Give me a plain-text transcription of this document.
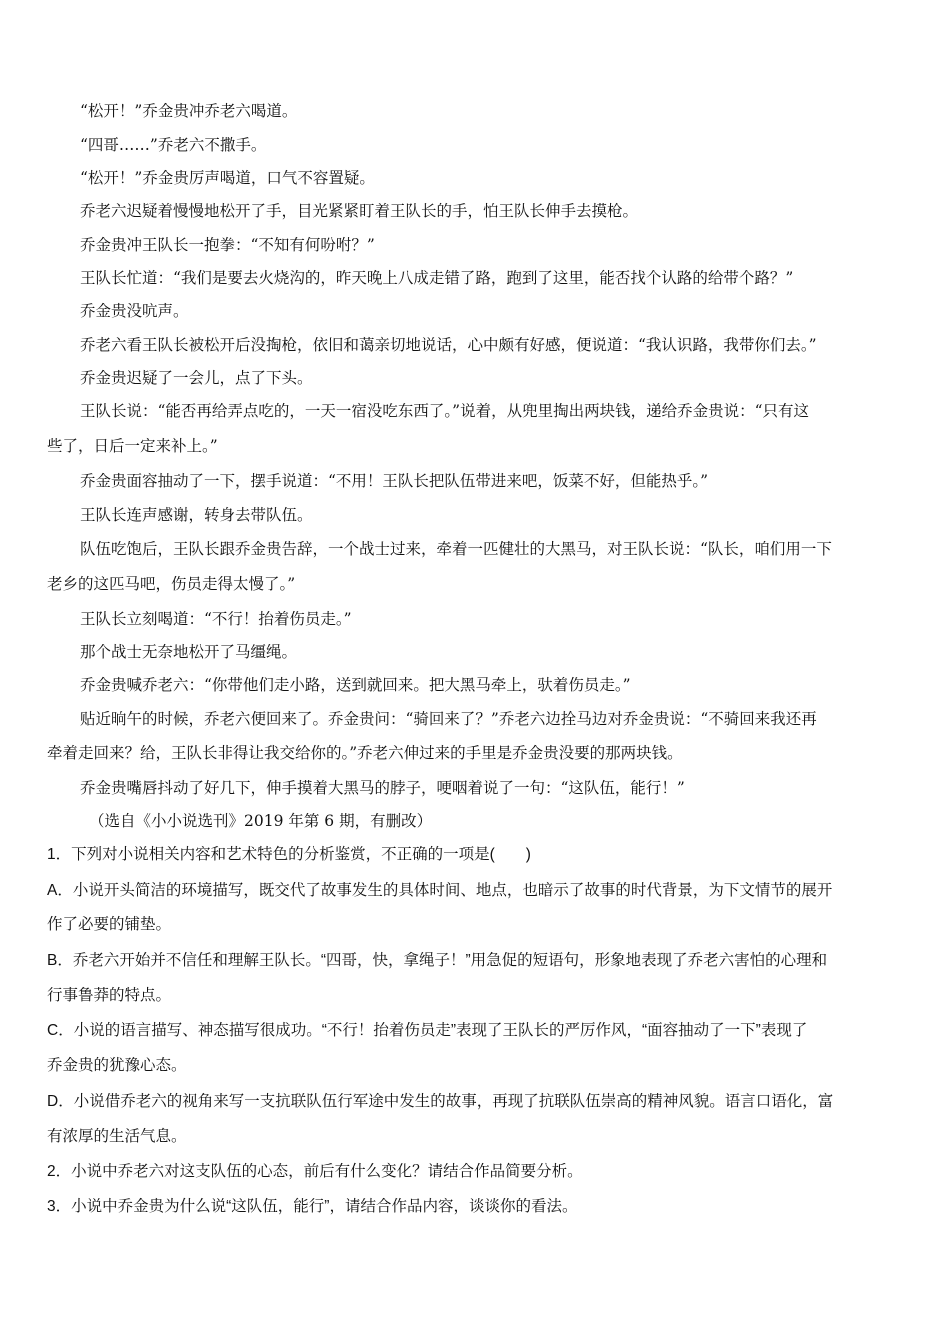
“松开！”乔金贵冲乔老六喝道。

“四哥……”乔老六不撒手。

“松开！”乔金贵厉声喝道，口气不容置疑。

乔老六迟疑着慢慢地松开了手，目光紧紧盯着王队长的手，怕王队长伸手去摸枪。

乔金贵冲王队长一抱拳：“不知有何吩咐？”

王队长忙道：“我们是要去火烧沟的，昨天晚上八成走错了路，跑到了这里，能否找个认路的给带个路？”

乔金贵没吭声。

乔老六看王队长被松开后没掏枪，依旧和蔼亲切地说话，心中颇有好感，便说道：“我认识路，我带你们去。”

乔金贵迟疑了一会儿，点了下头。

王队长说：“能否再给弄点吃的，一天一宿没吃东西了。”说着，从兜里掏出两块钱，递给乔金贵说：“只有这

些了，日后一定来补上。”

乔金贵面容抽动了一下，摆手说道：“不用！王队长把队伍带进来吧，饭菜不好，但能热乎。”

王队长连声感谢，转身去带队伍。

队伍吃饱后，王队长跟乔金贵告辞，一个战士过来，牵着一匹健壮的大黑马，对王队长说：“队长，咱们用一下

老乡的这匹马吧，伤员走得太慢了。”

王队长立刻喝道：“不行！抬着伤员走。”

那个战士无奈地松开了马缰绳。

乔金贵喊乔老六：“你带他们走小路，送到就回来。把大黑马牵上，驮着伤员走。”

贴近晌午的时候，乔老六便回来了。乔金贵问：“骑回来了？”乔老六边拴马边对乔金贵说：“不骑回来我还再

牵着走回来？给，王队长非得让我交给你的。”乔老六伸过来的手里是乔金贵没要的那两块钱。

乔金贵嘴唇抖动了好几下，伸手摸着大黑马的脖子，哽咽着说了一句：“这队伍，能行！”

（选自《小小说选刊》2019 年第 6 期，有删改）

1．下列对小说相关内容和艺术特色的分析鉴赏，不正确的一项是(　　)

A．小说开头简洁的环境描写，既交代了故事发生的具体时间、地点，也暗示了故事的时代背景，为下文情节的展开

作了必要的铺垫。

B．乔老六开始并不信任和理解王队长。“四哥，快，拿绳子！”用急促的短语句，形象地表现了乔老六害怕的心理和

行事鲁莽的特点。

C．小说的语言描写、神态描写很成功。“不行！抬着伤员走”表现了王队长的严厉作风，“面容抽动了一下”表现了

乔金贵的犹豫心态。

D．小说借乔老六的视角来写一支抗联队伍行军途中发生的故事，再现了抗联队伍崇高的精神风貌。语言口语化，富

有浓厚的生活气息。

2．小说中乔老六对这支队伍的心态，前后有什么变化？请结合作品简要分析。

3．小说中乔金贵为什么说“这队伍，能行”，请结合作品内容，谈谈你的看法。
